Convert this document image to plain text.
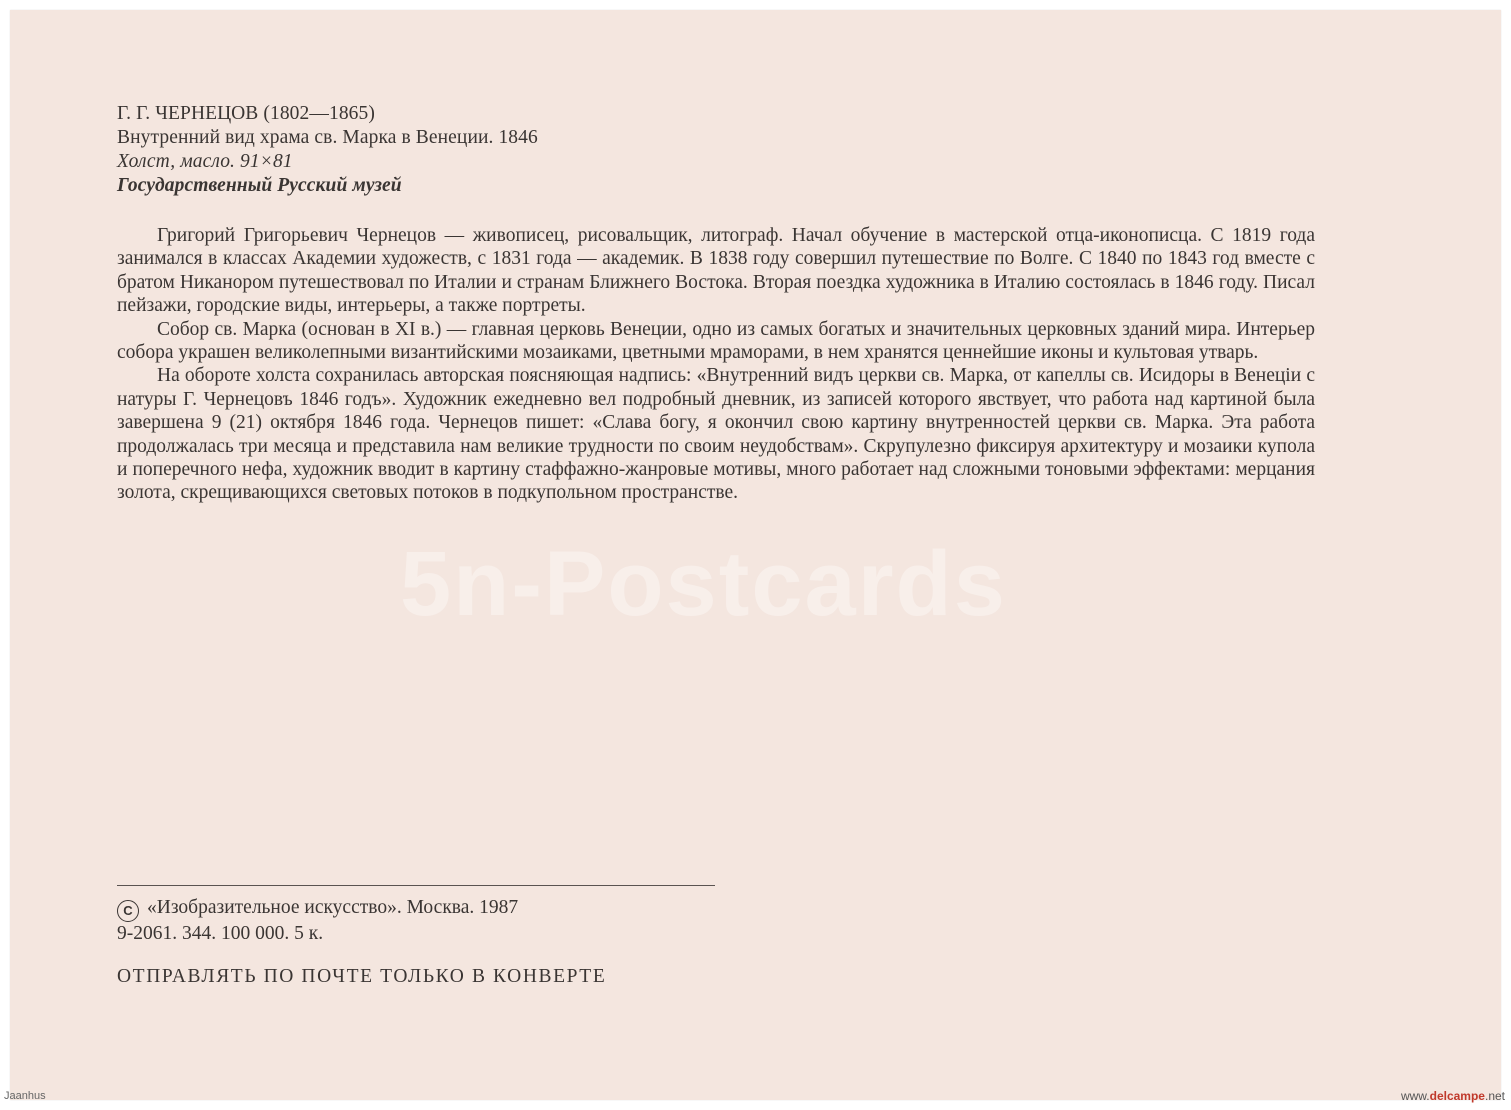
Г. Г. ЧЕРНЕЦОВ (1802—1865)
Внутренний вид храма св. Марка в Венеции. 1846
Холст, масло. 91×81
Государственный Русский музей

Григорий Григорьевич Чернецов — живописец, рисовальщик, литограф. Начал обучение в мастерской отца-иконописца. С 1819 года занимался в классах Академии художеств, с 1831 года — академик. В 1838 году совершил путешествие по Волге. С 1840 по 1843 год вместе с братом Никанором путешествовал по Италии и странам Ближнего Востока. Вторая поездка художника в Италию состоялась в 1846 году. Писал пейзажи, городские виды, интерьеры, а также портреты.

Собор св. Марка (основан в XI в.) — главная церковь Венеции, одно из самых богатых и значительных церковных зданий мира. Интерьер собора украшен великолепными византийскими мозаиками, цветными мраморами, в нем хранятся ценнейшие иконы и культовая утварь.

На обороте холста сохранилась авторская поясняющая надпись: «Внутренний видъ церкви св. Марка, от капеллы св. Исидоры в Венеціи с натуры Г. Чернецовъ 1846 годъ». Художник ежедневно вел подробный дневник, из записей которого явствует, что работа над картиной была завершена 9 (21) октября 1846 года. Чернецов пишет: «Слава богу, я окончил свою картину внутренностей церкви св. Марка. Эта работа продолжалась три месяца и представила нам великие трудности по своим неудобствам». Скрупулезно фиксируя архитектуру и мозаики купола и поперечного нефа, художник вводит в картину стаффажно-жанровые мотивы, много работает над сложными тоновыми эффектами: мерцания золота, скрещивающихся световых потоков в подкупольном пространстве.

5n-Postcards
C «Изобразительное искусство». Москва. 1987
9-2061. 344. 100 000. 5 к.
ОТПРАВЛЯТЬ ПО ПОЧТЕ ТОЛЬКО В КОНВЕРТЕ
Jaanhus	www.delcampe.net
